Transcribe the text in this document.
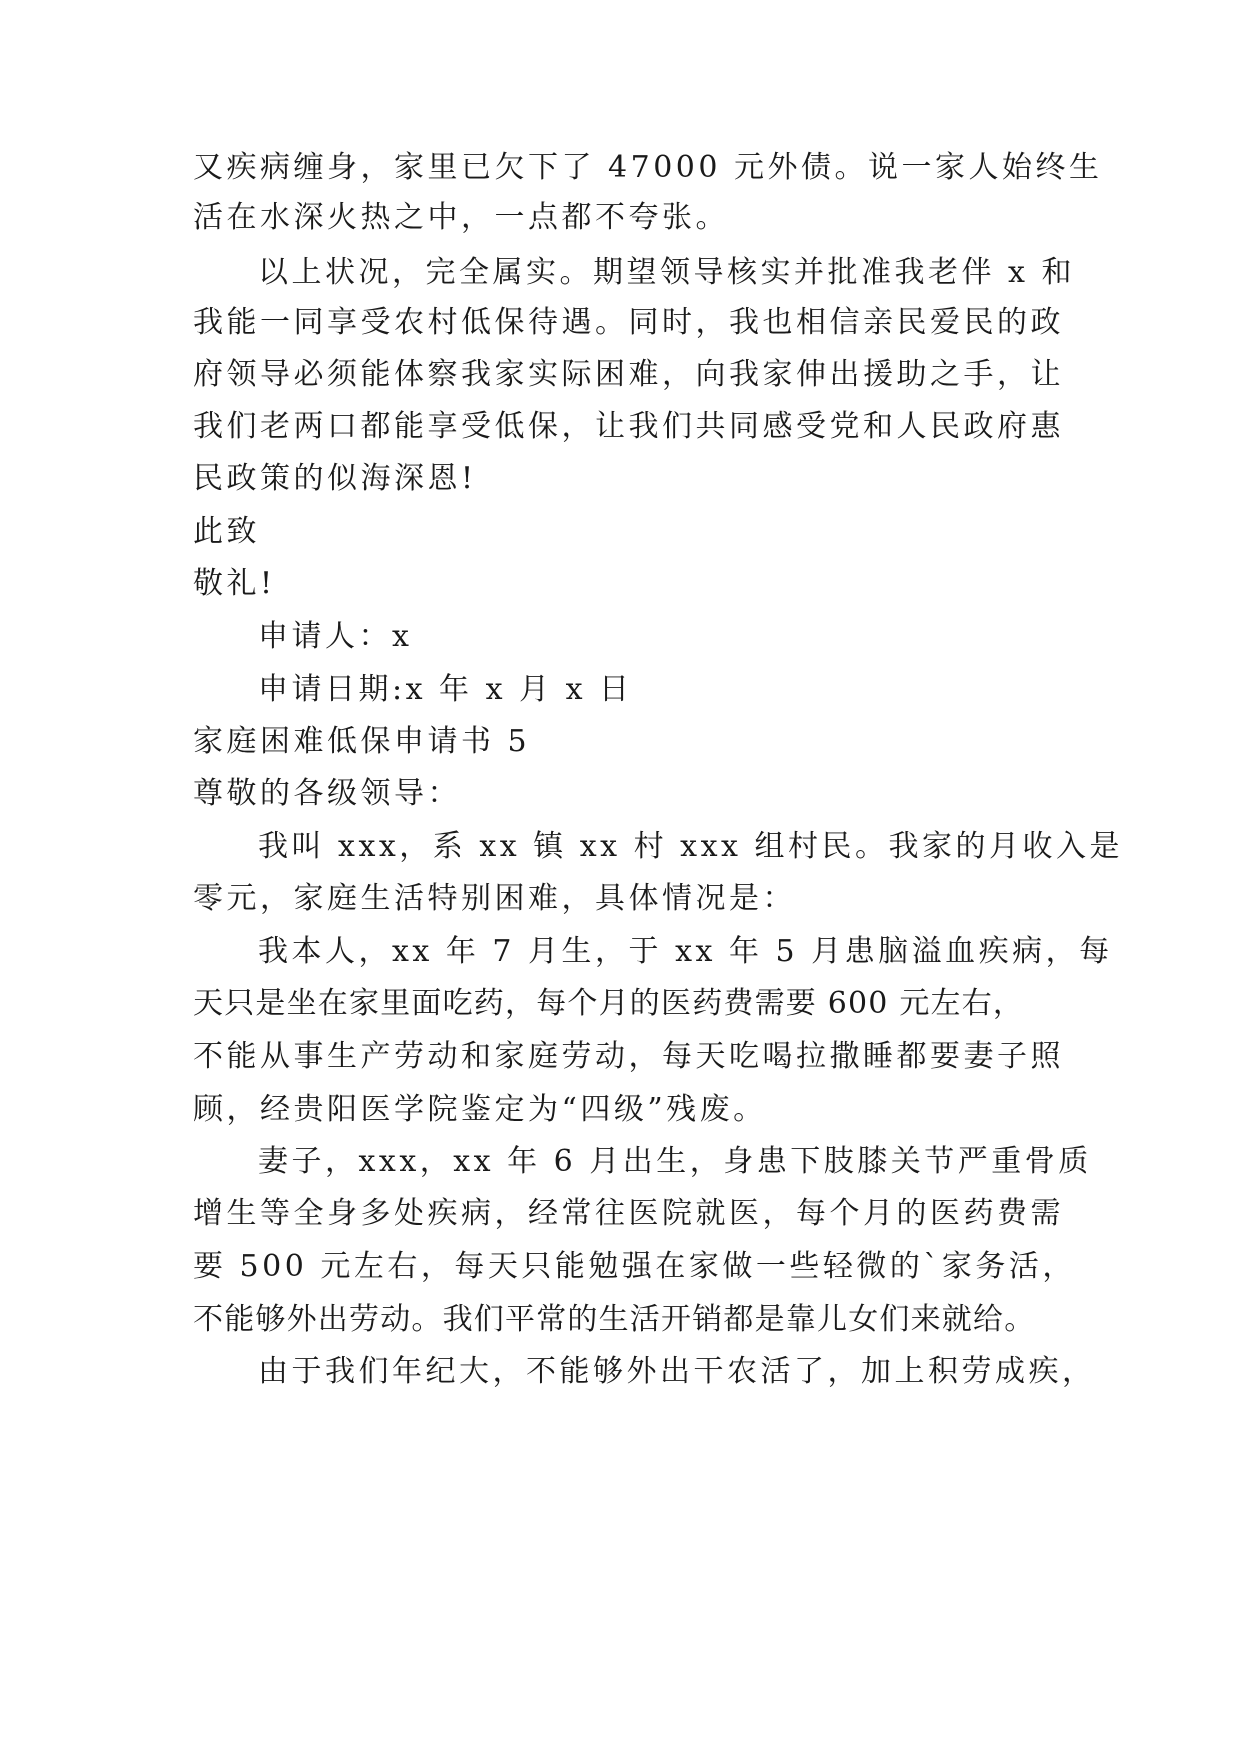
又疾病缠身，家里已欠下了 47000 元外债。说一家人始终生

活在水深火热之中，一点都不夸张。

以上状况，完全属实。期望领导核实并批准我老伴 x 和

我能一同享受农村低保待遇。同时，我也相信亲民爱民的政

府领导必须能体察我家实际困难，向我家伸出援助之手，让

我们老两口都能享受低保，让我们共同感受党和人民政府惠

民政策的似海深恩!

此致

敬礼!

申请人：x

申请日期:x 年 x 月 x 日

家庭困难低保申请书 5

尊敬的各级领导：

我叫 xxx，系 xx 镇 xx 村 xxx 组村民。我家的月收入是

零元，家庭生活特别困难，具体情况是：

我本人，xx 年 7 月生，于 xx 年 5 月患脑溢血疾病，每

天只是坐在家里面吃药，每个月的医药费需要 600 元左右，

不能从事生产劳动和家庭劳动，每天吃喝拉撒睡都要妻子照

顾，经贵阳医学院鉴定为“四级”残废。

妻子，xxx，xx 年 6 月出生，身患下肢膝关节严重骨质

增生等全身多处疾病，经常往医院就医，每个月的医药费需

要 500 元左右，每天只能勉强在家做一些轻微的`家务活，

不能够外出劳动。我们平常的生活开销都是靠儿女们来就给。

由于我们年纪大，不能够外出干农活了，加上积劳成疾，
